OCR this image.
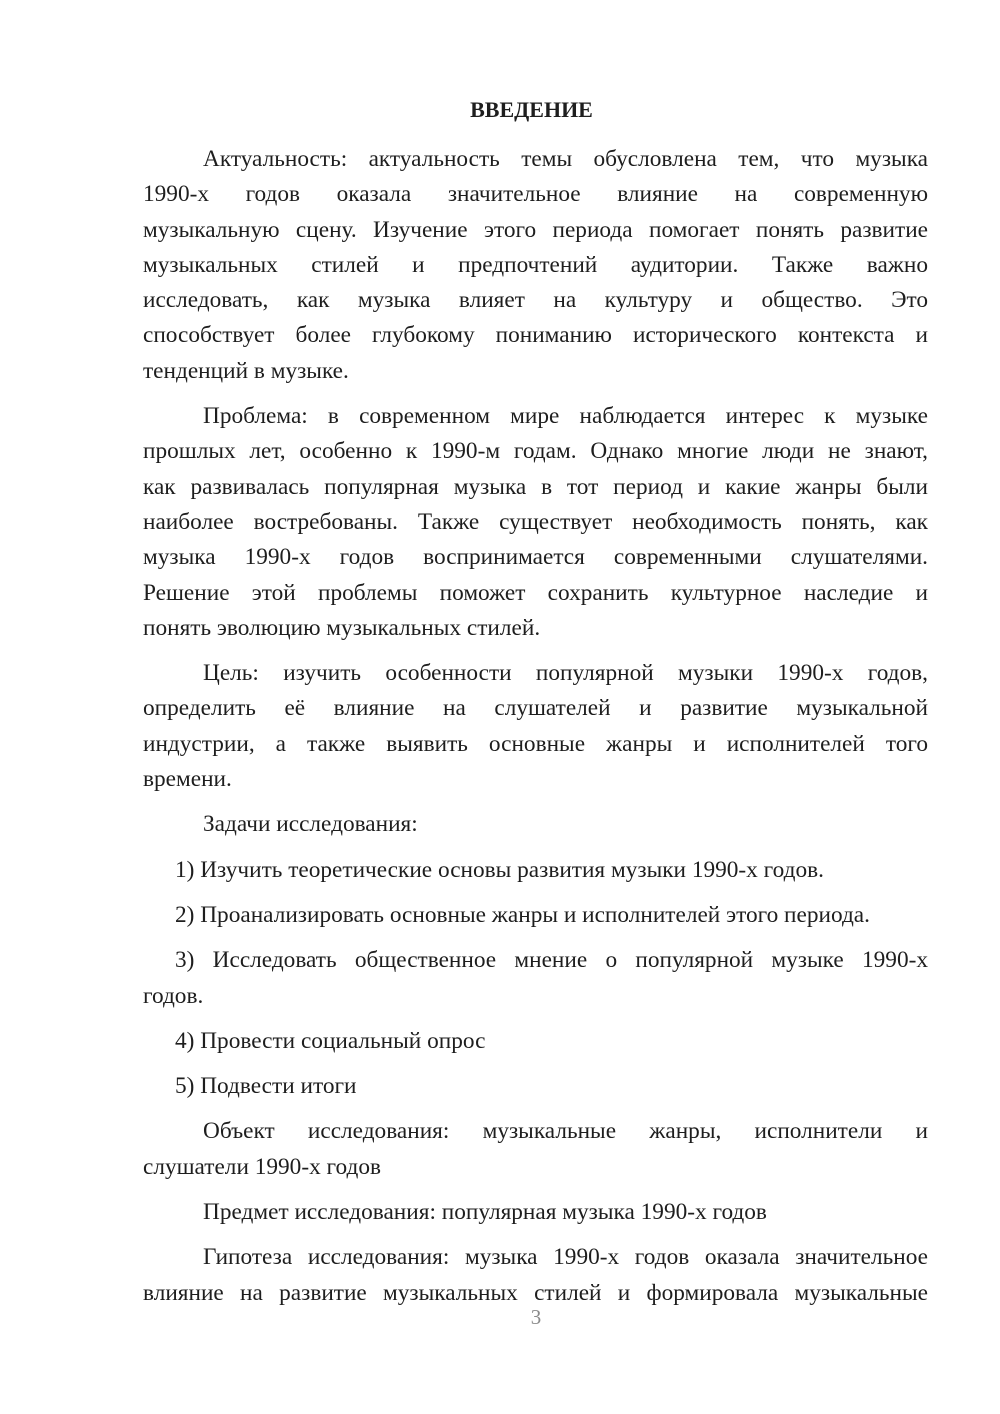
ВВЕДЕНИЕ
Актуальность: актуальность темы обусловлена тем, что музыка
1990-х годов оказала значительное влияние на современную
музыкальную сцену. Изучение этого периода помогает понять развитие
музыкальных стилей и предпочтений аудитории. Также важно
исследовать, как музыка влияет на культуру и общество. Это
способствует более глубокому пониманию исторического контекста и
тенденций в музыке.
Проблема: в современном мире наблюдается интерес к музыке
прошлых лет, особенно к 1990-м годам. Однако многие люди не знают,
как развивалась популярная музыка в тот период и какие жанры были
наиболее востребованы. Также существует необходимость понять, как
музыка 1990-х годов воспринимается современными слушателями.
Решение этой проблемы поможет сохранить культурное наследие и
понять эволюцию музыкальных стилей.
Цель: изучить особенности популярной музыки 1990-х годов,
определить её влияние на слушателей и развитие музыкальной
индустрии, а также выявить основные жанры и исполнителей того
времени.
Задачи исследования:
1) Изучить теоретические основы развития музыки 1990-х годов.
2) Проанализировать основные жанры и исполнителей этого периода.
3) Исследовать общественное мнение о популярной музыке 1990-х
годов.
4) Провести социальный опрос
5) Подвести итоги
Объект исследования: музыкальные жанры, исполнители и
слушатели 1990-х годов
Предмет исследования: популярная музыка 1990-х годов
Гипотеза исследования: музыка 1990-х годов оказала значительное
влияние на развитие музыкальных стилей и формировала музыкальные
3
